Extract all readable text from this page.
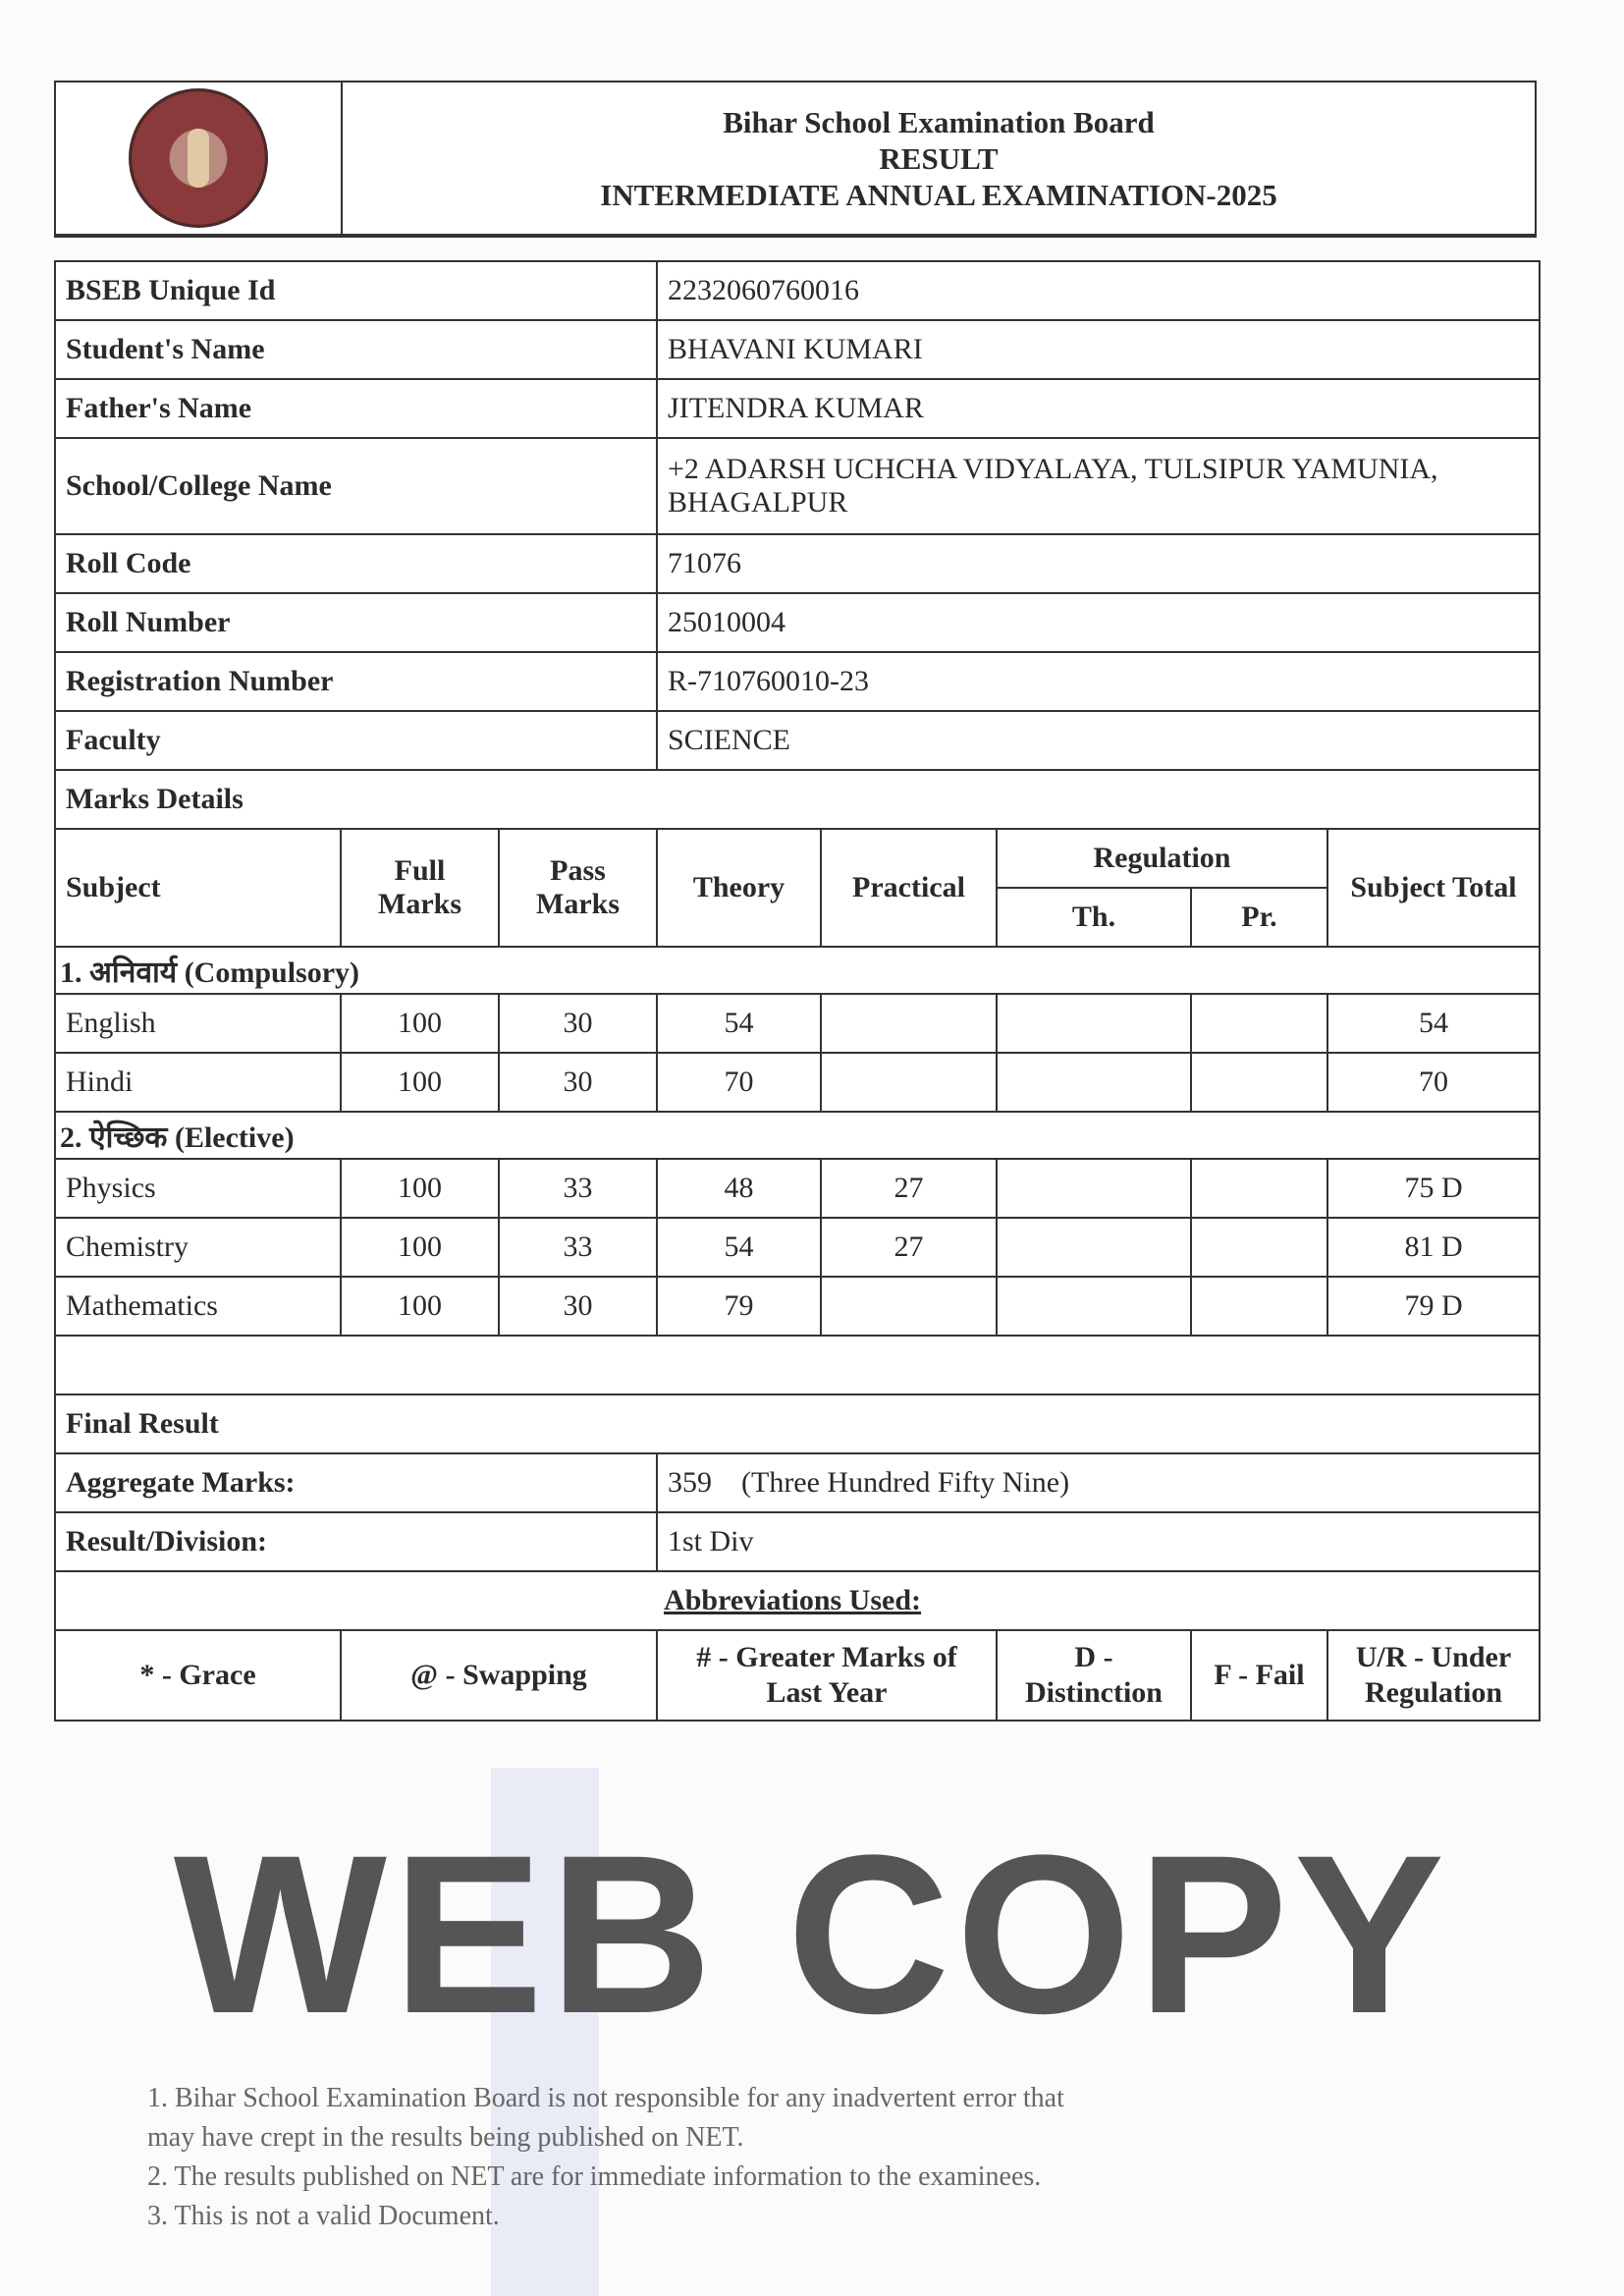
Bihar School Examination Board
RESULT
INTERMEDIATE ANNUAL EXAMINATION-2025
BSEB Unique Id			2232060760016				
Student's Name			BHAVANI KUMARI				
Father's Name			JITENDRA KUMAR				
School/College Name			+2 ADARSH UCHCHA VIDYALAYA, TULSIPUR YAMUNIA, BHAGALPUR				
Roll Code			71076				
Roll Number			25010004				
Registration Number			R-710760010-23				
Faculty			SCIENCE				
Marks Details							
Subject	Full Marks	Pass Marks	Theory	Practical	Regulation		Subject Total
					Th.	Pr.	
1. अनिवार्य (Compulsory)							
English	100	30	54				54
Hindi	100	30	70				70
2. ऐच्छिक (Elective)							
Physics	100	33	48	27			75 D
Chemistry	100	33	54	27			81 D
Mathematics	100	30	79				79 D

Final Result							
Aggregate Marks:			359 (Three Hundred Fifty Nine)				
Result/Division:			1st Div				
Abbreviations Used:							
* - Grace	@ - Swapping		# - Greater Marks of Last Year		D - Distinction	F - Fail	U/R - Under Regulation
WEB COPY
1. Bihar School Examination Board is not responsible for any inadvertent error that
may have crept in the results being published on NET.
2. The results published on NET are for immediate information to the examinees.
3. This is not a valid Document.
